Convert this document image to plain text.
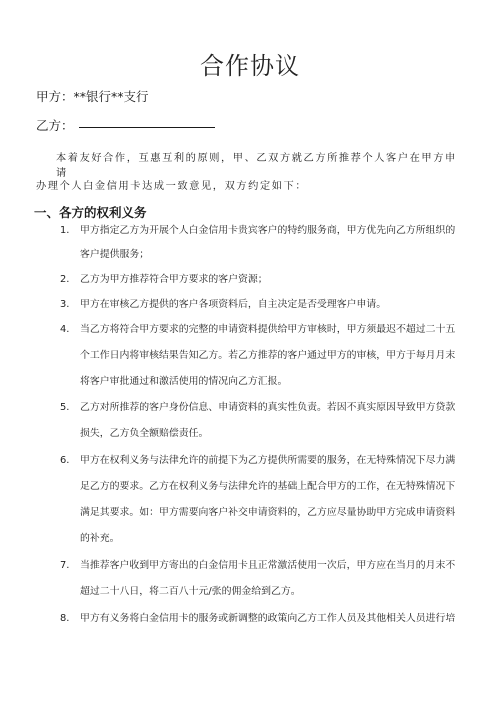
合作协议
甲方：**银行**支行
乙方：
本着友好合作，互惠互利的原则，甲、乙双方就乙方所推荐个人客户在甲方申请
办理个人白金信用卡达成一致意见，双方约定如下：
一、各方的权利义务
1. 甲方指定乙方为开展个人白金信用卡贵宾客户的特约服务商，甲方优先向乙方所组织的
客户提供服务；
2. 乙方为甲方推荐符合甲方要求的客户资源；
3. 甲方在审核乙方提供的客户各项资料后，自主决定是否受理客户申请。
4. 当乙方将符合甲方要求的完整的申请资料提供给甲方审核时，甲方须最迟不超过二十五
个工作日内将审核结果告知乙方。若乙方推荐的客户通过甲方的审核，甲方于每月月末
将客户审批通过和激活使用的情况向乙方汇报。
5. 乙方对所推荐的客户身份信息、申请资料的真实性负责。若因不真实原因导致甲方贷款
损失，乙方负全额赔偿责任。
6. 甲方在权利义务与法律允许的前提下为乙方提供所需要的服务，在无特殊情况下尽力满
足乙方的要求。乙方在权利义务与法律允许的基础上配合甲方的工作，在无特殊情况下
满足其要求。如：甲方需要向客户补交申请资料的，乙方应尽量协助甲方完成申请资料
的补充。
7. 当推荐客户收到甲方寄出的白金信用卡且正常激活使用一次后，甲方应在当月的月末不
超过二十八日，将二百八十元/张的佣金给到乙方。
8. 甲方有义务将白金信用卡的服务或新调整的政策向乙方工作人员及其他相关人员进行培
